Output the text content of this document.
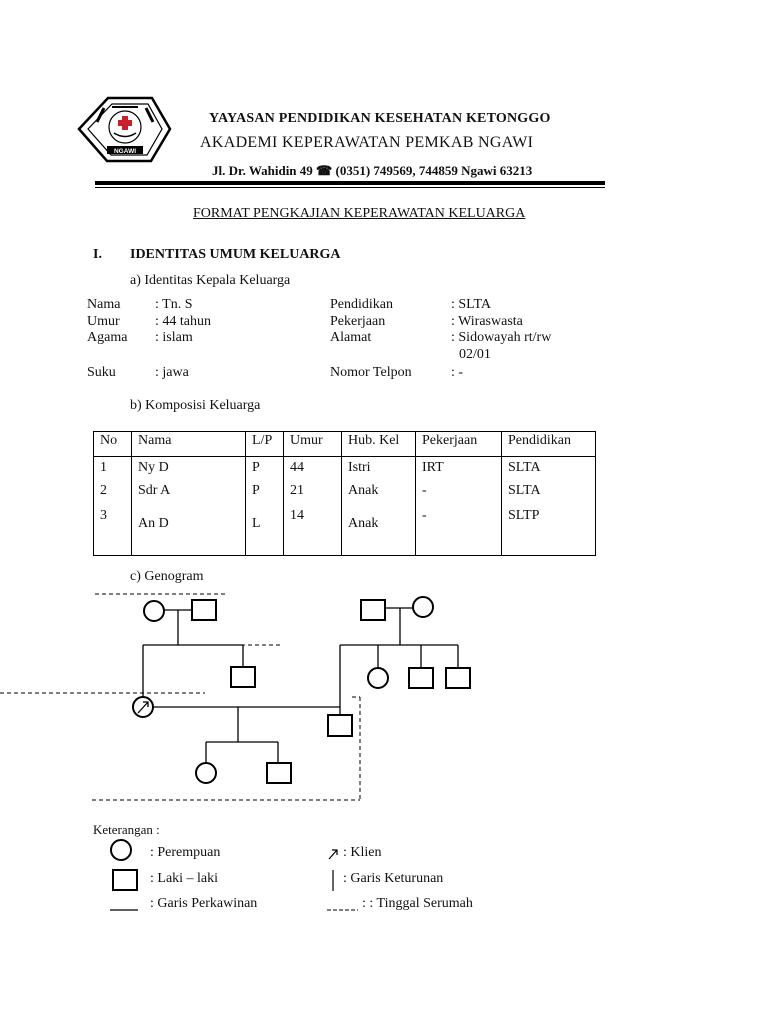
NGAWI
YAYASAN PENDIDIKAN KESEHATAN KETONGGO
AKADEMI KEPERAWATAN PEMKAB NGAWI
Jl. Dr. Wahidin 49 ☎ (0351) 749569, 744859 Ngawi 63213
FORMAT PENGKAJIAN KEPERAWATAN KELUARGA
I. IDENTITAS UMUM KELUARGA
a) Identitas Kepala Keluarga
Nama : Tn. S
Umur	: 44 tahun
Agama : islam
Suku	: jawa
Pendidikan	: SLTA
Pekerjaan	: Wiraswasta
Alamat	: Sidowayah rt/rw
02/01
Nomor Telpon	: -
b) Komposisi Keluarga
No	Nama	L/P	Umur	Hub. Kel	Pekerjaan	Pendidikan

1	Ny D	P	44	Istri	IRT	SLTA

2	Sdr A	P	21	Anak	-	SLTA

3	An D	L	14	Anak	-	SLTP
c) Genogram
Keterangan :
: Perempuan
: Laki – laki
: Garis Perkawinan
: Klien
: Garis Keturunan
: : Tinggal Serumah
